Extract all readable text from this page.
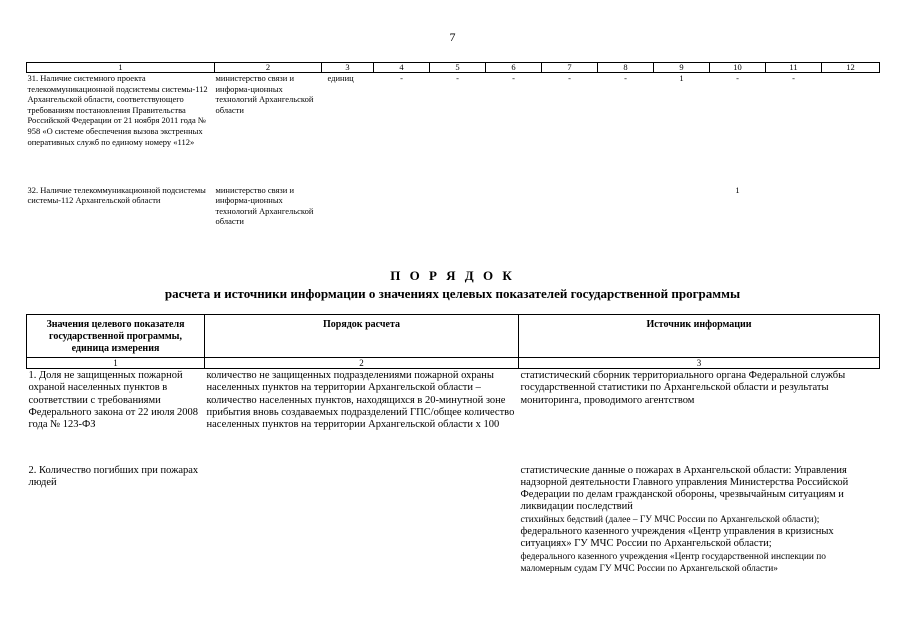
7
1	2	3	4	5	6	7	8	9	10	11	12
31. Наличие системного проекта телекоммуникационной подсистемы системы-112 Архангельской области, соответствующего требованиям постановления Правительства Российской Федерации от 21 ноября 2011 года № 958 «О системе обеспечения вызова экстренных оперативных служб по единому номеру «112»	министерство связи и информа-ционных технологий Архангельской области	единиц	-	-	-	-	-	1	-	-	
32. Наличие телекоммуникационной подсистемы системы-112 Архангельской области	министерство связи и информа-ционных технологий Архангельской области								1		
П О Р Я Д О К
расчета и источники информации о значениях целевых показателей государственной программы
Значения целевого показателя государственной программы, единица измерения	Порядок расчета	Источник информации
1	2	3
1. Доля не защищенных пожарной охраной населенных пунктов в соответствии с требованиями Федерального закона от 22 июля 2008 года № 123-ФЗ	количество не защищенных подразделениями пожарной охраны населенных пунктов на территории Архангельской области – количество населенных пунктов, находящихся в 20-минутной зоне прибытия вновь создаваемых подразделений ГПС/общее количество населенных пунктов на территории Архангельской области х 100	статистический сборник территориального органа Федеральной службы государственной статистики по Архангельской области и результаты мониторинга, проводимого агентством

2. Количество погибших при пожарах людей		статистические данные о пожарах в Архангельской области: Управления надзорной деятельности Главного управления Министерства Российской Федерации по делам гражданской обороны, чрезвычайным ситуациям и ликвидации последствий
стихийных бедствий (далее – ГУ МЧС России по Архангельской области);
федерального казенного учреждения «Центр управления в кризисных ситуациях» ГУ МЧС России по Архангельской области;
федерального казенного учреждения «Центр государственной инспекции по маломерным судам ГУ МЧС России по Архангельской области»
